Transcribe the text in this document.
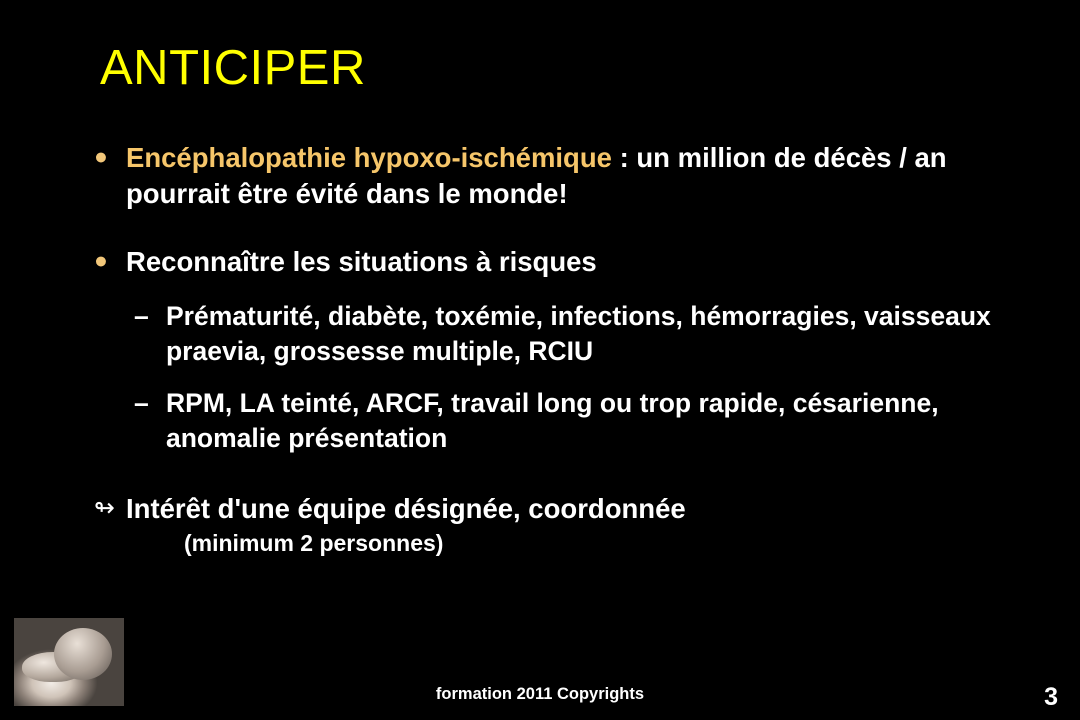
ANTICIPER
● Encéphalopathie hypoxo-ischémique : un million de décès / an pourrait être évité dans le monde!
● Reconnaître les situations à risques
– Prématurité, diabète, toxémie, infections, hémorragies, vaisseaux praevia, grossesse multiple, RCIU
– RPM, LA teinté, ARCF, travail long ou trop rapide, césarienne, anomalie présentation
↬ Intérêt d'une équipe désignée, coordonnée
(minimum 2 personnes)
formation 2011 Copyrights	3
